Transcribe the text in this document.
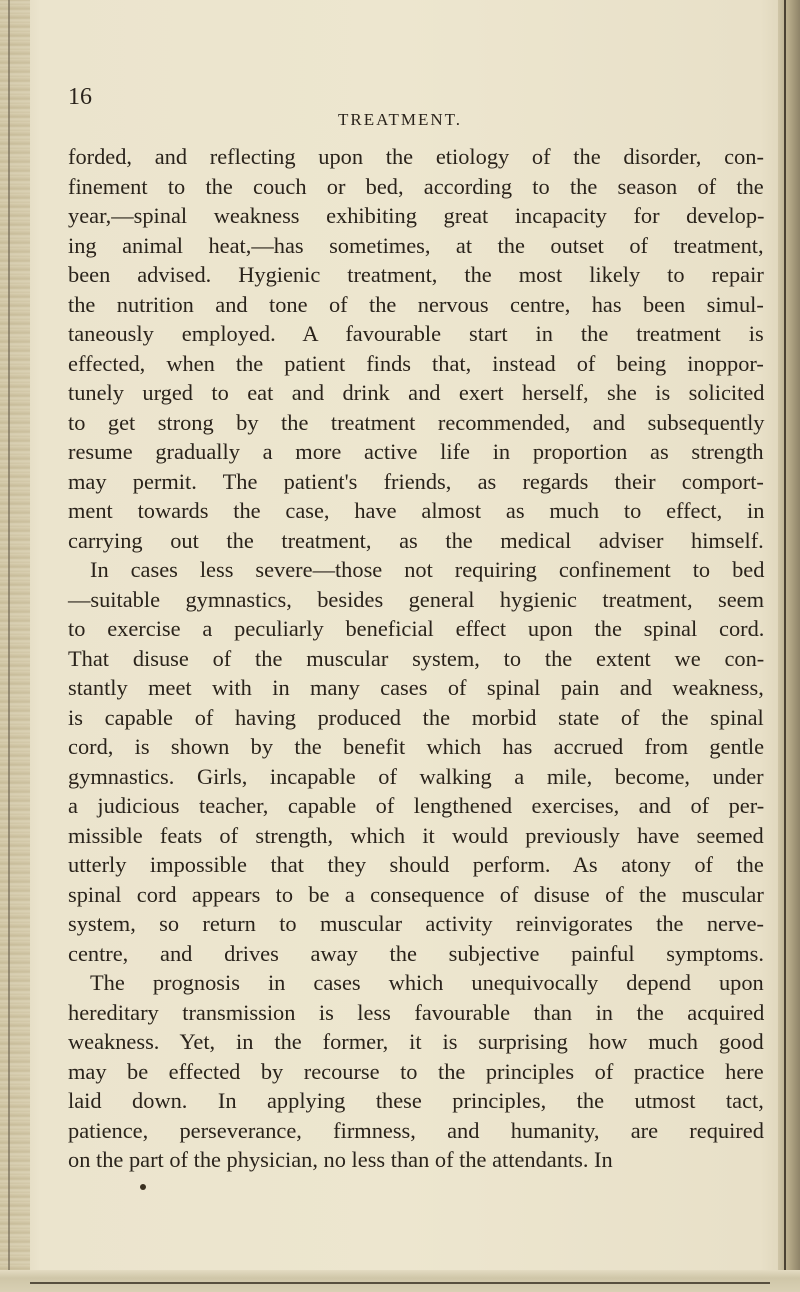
16
TREATMENT.
forded, and reflecting upon the etiology of the disorder, con-
finement to the couch or bed, according to the season of the
year,—spinal weakness exhibiting great incapacity for develop-
ing animal heat,—has sometimes, at the outset of treatment,
been advised. Hygienic treatment, the most likely to repair
the nutrition and tone of the nervous centre, has been simul-
taneously employed. A favourable start in the treatment is
effected, when the patient finds that, instead of being inoppor-
tunely urged to eat and drink and exert herself, she is solicited
to get strong by the treatment recommended, and subsequently
resume gradually a more active life in proportion as strength
may permit. The patient's friends, as regards their comport-
ment towards the case, have almost as much to effect, in
carrying out the treatment, as the medical adviser himself.
In cases less severe—those not requiring confinement to bed
—suitable gymnastics, besides general hygienic treatment, seem
to exercise a peculiarly beneficial effect upon the spinal cord.
That disuse of the muscular system, to the extent we con-
stantly meet with in many cases of spinal pain and weakness,
is capable of having produced the morbid state of the spinal
cord, is shown by the benefit which has accrued from gentle
gymnastics. Girls, incapable of walking a mile, become, under
a judicious teacher, capable of lengthened exercises, and of per-
missible feats of strength, which it would previously have seemed
utterly impossible that they should perform. As atony of the
spinal cord appears to be a consequence of disuse of the muscular
system, so return to muscular activity reinvigorates the nerve-
centre, and drives away the subjective painful symptoms.
The prognosis in cases which unequivocally depend upon
hereditary transmission is less favourable than in the acquired
weakness. Yet, in the former, it is surprising how much good
may be effected by recourse to the principles of practice here
laid down. In applying these principles, the utmost tact,
patience, perseverance, firmness, and humanity, are required
on the part of the physician, no less than of the attendants. In
